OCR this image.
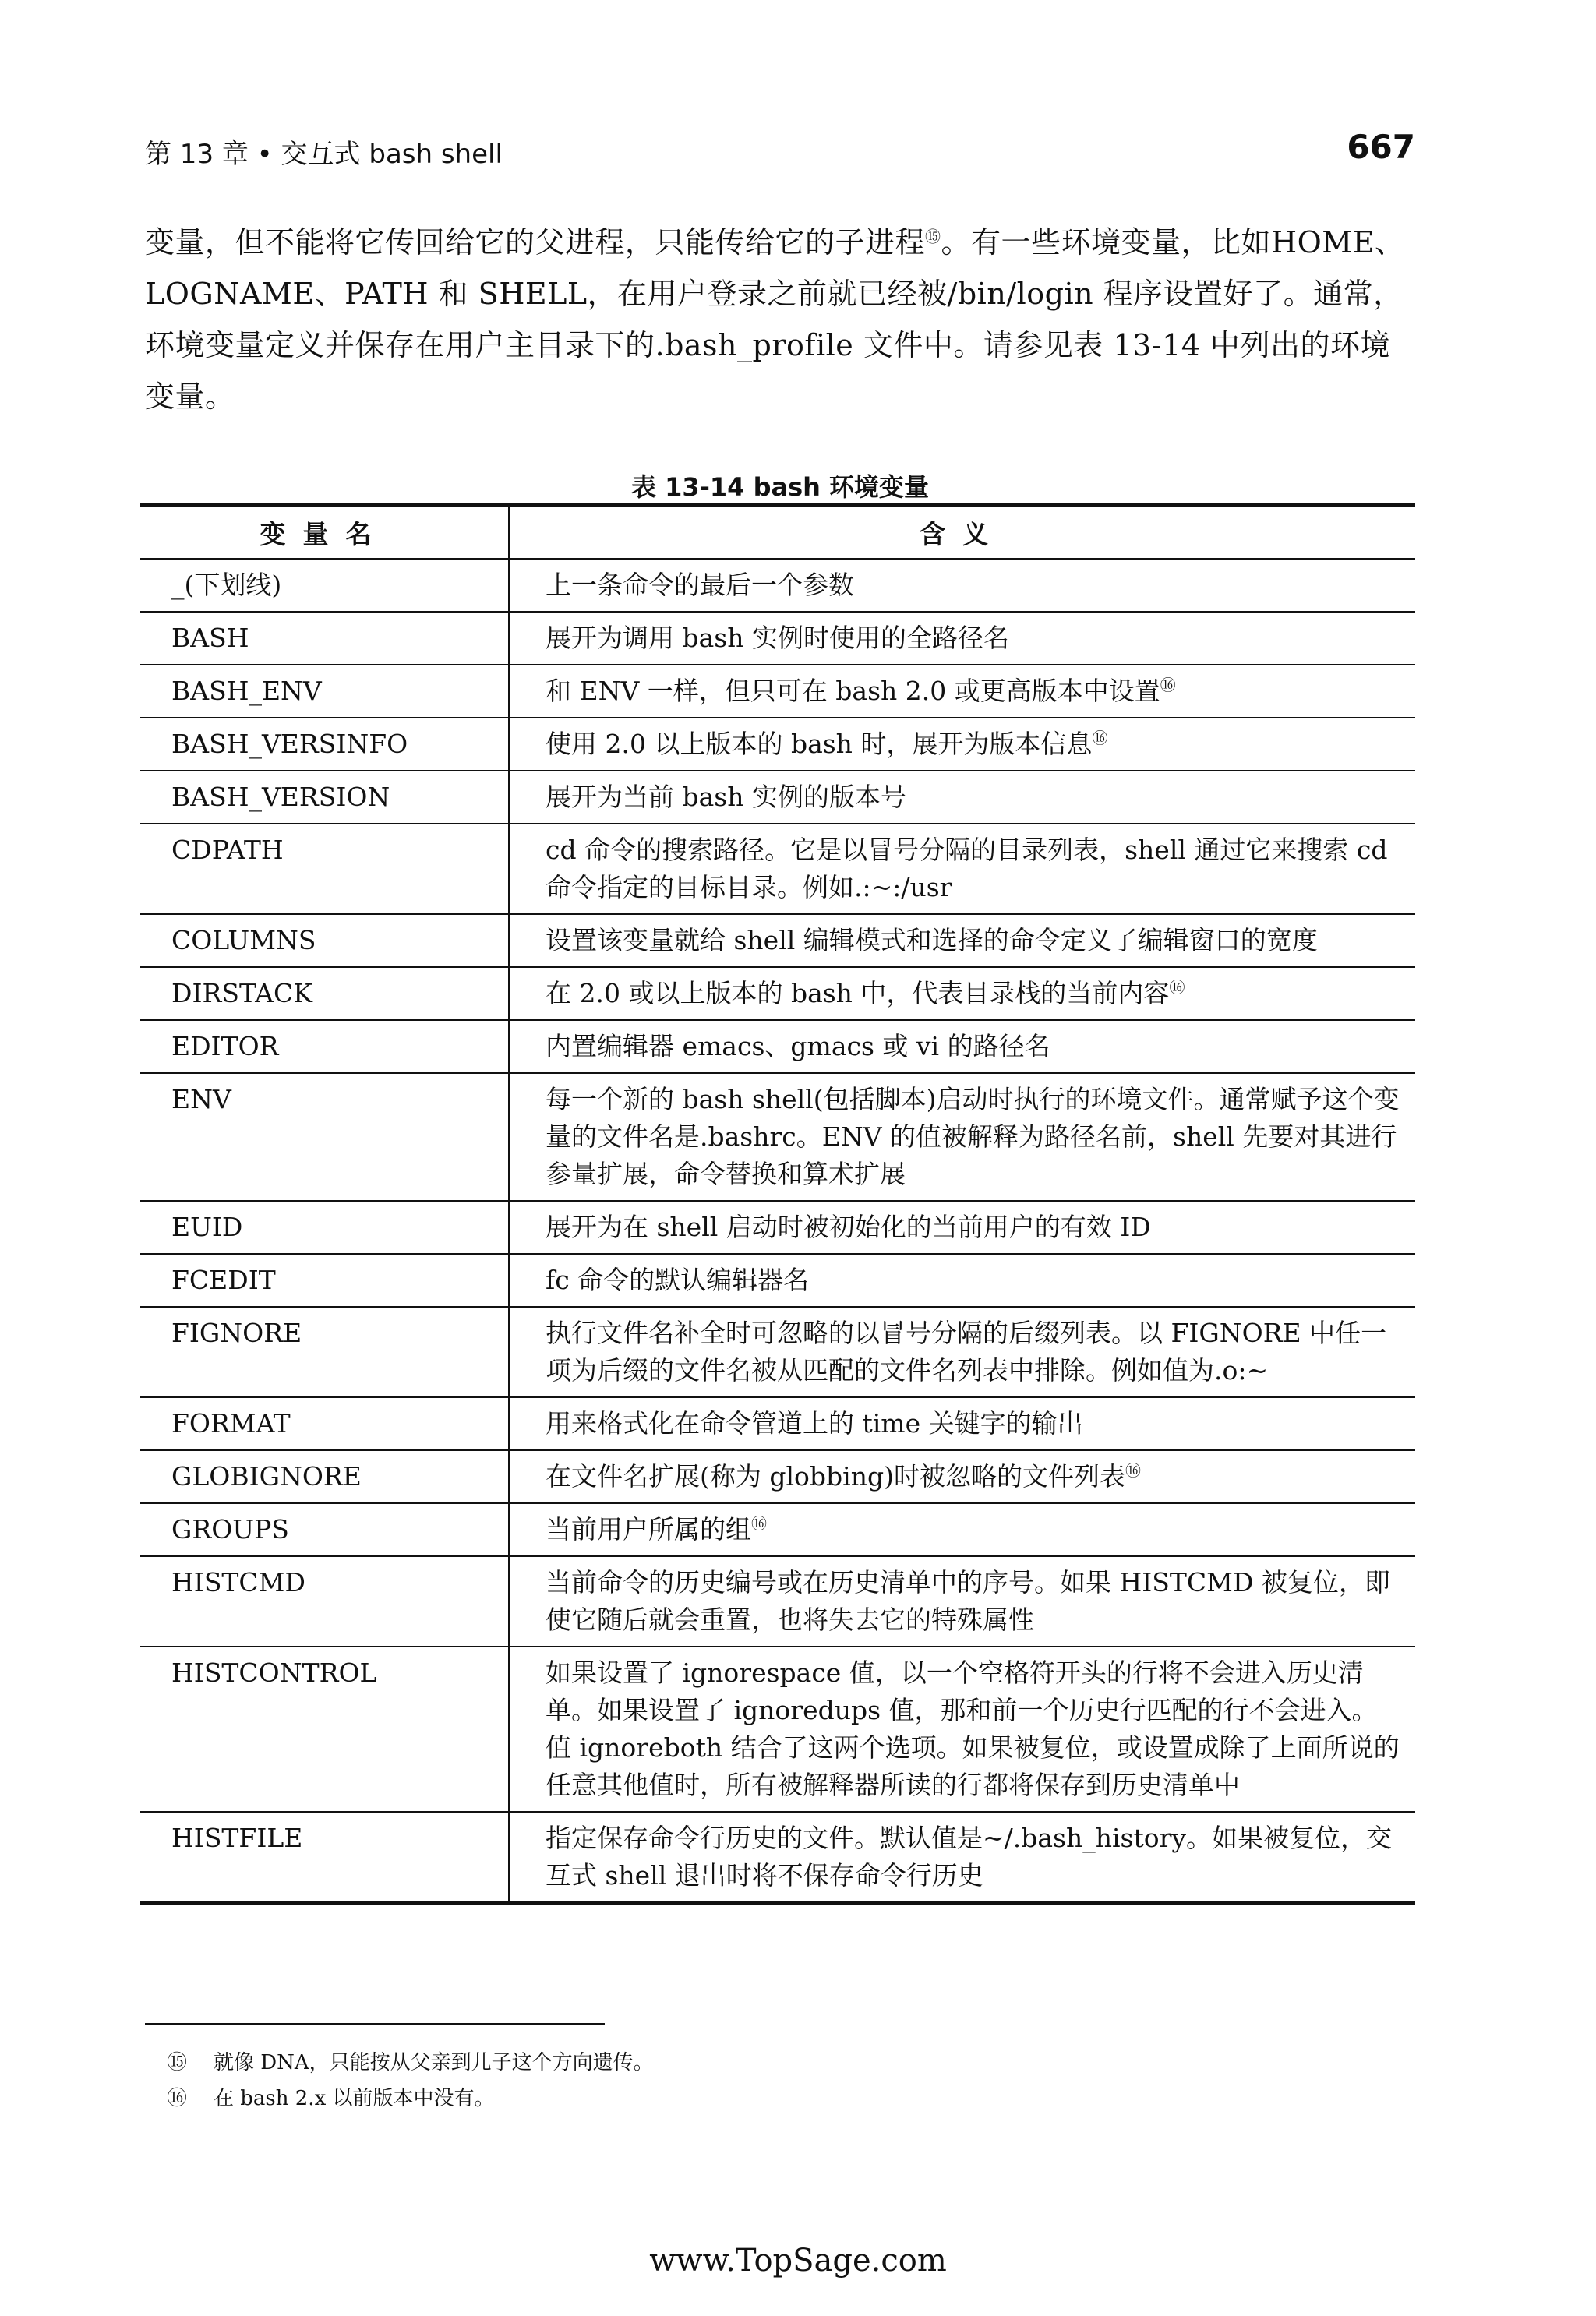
第 13 章 • 交互式 bash shell	667

变量，但不能将它传回给它的父进程，只能传给它的子进程⑮。有一些环境变量，比如HOME、LOGNAME、PATH 和 SHELL，在用户登录之前就已经被/bin/login 程序设置好了。通常，环境变量定义并保存在用户主目录下的.bash_profile 文件中。请参见表 13-14 中列出的环境变量。

表 13-14 bash 环境变量
变量名	含义
_(下划线)	上一条命令的最后一个参数
BASH	展开为调用 bash 实例时使用的全路径名
BASH_ENV	和 ENV 一样，但只可在 bash 2.0 或更高版本中设置⑯
BASH_VERSINFO	使用 2.0 以上版本的 bash 时，展开为版本信息⑯
BASH_VERSION	展开为当前 bash 实例的版本号
CDPATH	cd 命令的搜索路径。它是以冒号分隔的目录列表，shell 通过它来搜索 cd 命令指定的目标目录。例如.:~:/usr
COLUMNS	设置该变量就给 shell 编辑模式和选择的命令定义了编辑窗口的宽度
DIRSTACK	在 2.0 或以上版本的 bash 中，代表目录栈的当前内容⑯
EDITOR	内置编辑器 emacs、gmacs 或 vi 的路径名
ENV	每一个新的 bash shell(包括脚本)启动时执行的环境文件。通常赋予这个变量的文件名是.bashrc。ENV 的值被解释为路径名前，shell 先要对其进行参量扩展，命令替换和算术扩展
EUID	展开为在 shell 启动时被初始化的当前用户的有效 ID
FCEDIT	fc 命令的默认编辑器名
FIGNORE	执行文件名补全时可忽略的以冒号分隔的后缀列表。以 FIGNORE 中任一项为后缀的文件名被从匹配的文件名列表中排除。例如值为.o:~
FORMAT	用来格式化在命令管道上的 time 关键字的输出
GLOBIGNORE	在文件名扩展(称为 globbing)时被忽略的文件列表⑯
GROUPS	当前用户所属的组⑯
HISTCMD	当前命令的历史编号或在历史清单中的序号。如果 HISTCMD 被复位，即使它随后就会重置，也将失去它的特殊属性
HISTCONTROL	如果设置了 ignorespace 值，以一个空格符开头的行将不会进入历史清单。如果设置了 ignoredups 值，那和前一个历史行匹配的行不会进入。值 ignoreboth 结合了这两个选项。如果被复位，或设置成除了上面所说的任意其他值时，所有被解释器所读的行都将保存到历史清单中
HISTFILE	指定保存命令行历史的文件。默认值是~/.bash_history。如果被复位，交互式 shell 退出时将不保存命令行历史
⑮ 就像 DNA，只能按从父亲到儿子这个方向遗传。
⑯ 在 bash 2.x 以前版本中没有。
www.TopSage.com
